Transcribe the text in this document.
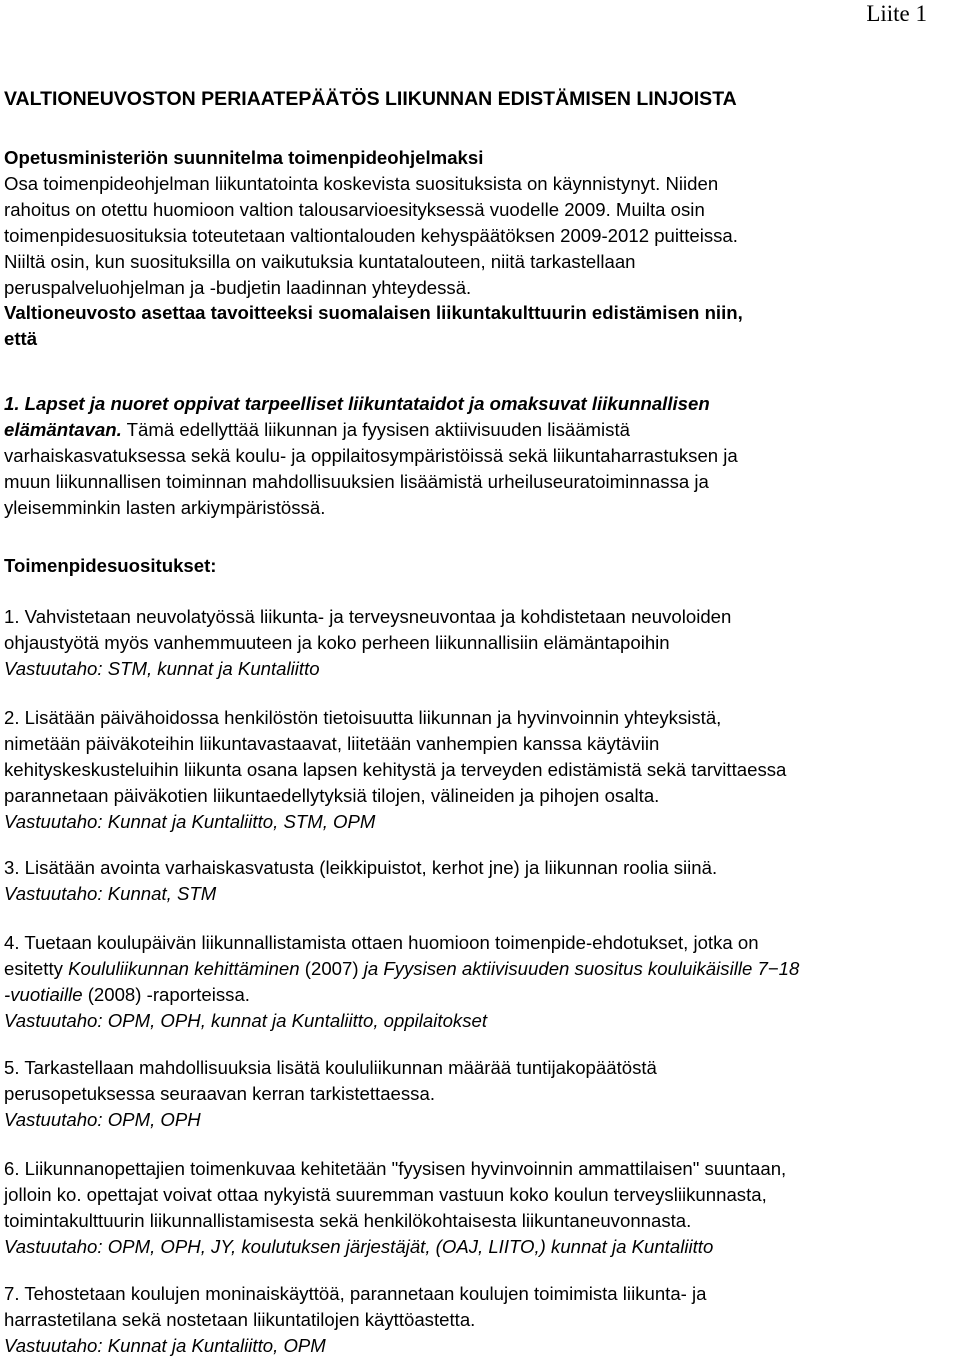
Liite 1
VALTIONEUVOSTON PERIAATEPÄÄTÖS LIIKUNNAN EDISTÄMISEN LINJOISTA

Opetusministeriön suunnitelma toimenpideohjelmaksi

Osa toimenpideohjelman liikuntatointa koskevista suosituksista on käynnistynyt. Niiden

rahoitus on otettu huomioon valtion talousarvioesityksessä vuodelle 2009. Muilta osin

toimenpidesuosituksia toteutetaan valtiontalouden kehyspäätöksen 2009-2012 puitteissa.

Niiltä osin, kun suosituksilla on vaikutuksia kuntatalouteen, niitä tarkastellaan

peruspalveluohjelman ja -budjetin laadinnan yhteydessä.

Valtioneuvosto asettaa tavoitteeksi suomalaisen liikuntakulttuurin edistämisen niin,

että

1. Lapset ja nuoret oppivat tarpeelliset liikuntataidot ja omaksuvat liikunnallisen

elämäntavan. Tämä edellyttää liikunnan ja fyysisen aktiivisuuden lisäämistä

varhaiskasvatuksessa sekä koulu- ja oppilaitosympäristöissä sekä liikuntaharrastuksen ja

muun liikunnallisen toiminnan mahdollisuuksien lisäämistä urheiluseuratoiminnassa ja

yleisemminkin lasten arkiympäristössä.

Toimenpidesuositukset:

1. Vahvistetaan neuvolatyössä liikunta- ja terveysneuvontaa ja kohdistetaan neuvoloiden

ohjaustyötä myös vanhemmuuteen ja koko perheen liikunnallisiin elämäntapoihin

Vastuutaho: STM, kunnat ja Kuntaliitto

2. Lisätään päivähoidossa henkilöstön tietoisuutta liikunnan ja hyvinvoinnin yhteyksistä,

nimetään päiväkoteihin liikuntavastaavat, liitetään vanhempien kanssa käytäviin

kehityskeskusteluihin liikunta osana lapsen kehitystä ja terveyden edistämistä sekä tarvittaessa

parannetaan päiväkotien liikuntaedellytyksiä tilojen, välineiden ja pihojen osalta.

Vastuutaho: Kunnat ja Kuntaliitto, STM, OPM

3. Lisätään avointa varhaiskasvatusta (leikkipuistot, kerhot jne) ja liikunnan roolia siinä.

Vastuutaho: Kunnat, STM

4. Tuetaan koulupäivän liikunnallistamista ottaen huomioon toimenpide-ehdotukset, jotka on

esitetty Koululiikunnan kehittäminen (2007) ja Fyysisen aktiivisuuden suositus kouluikäisille 7−18

-vuotiaille (2008) -raporteissa.

Vastuutaho: OPM, OPH, kunnat ja Kuntaliitto, oppilaitokset

5. Tarkastellaan mahdollisuuksia lisätä koululiikunnan määrää tuntijakopäätöstä

perusopetuksessa seuraavan kerran tarkistettaessa.

Vastuutaho: OPM, OPH

6. Liikunnanopettajien toimenkuvaa kehitetään "fyysisen hyvinvoinnin ammattilaisen" suuntaan,

jolloin ko. opettajat voivat ottaa nykyistä suuremman vastuun koko koulun terveysliikunnasta,

toimintakulttuurin liikunnallistamisesta sekä henkilökohtaisesta liikuntaneuvonnasta.

Vastuutaho: OPM, OPH, JY, koulutuksen järjestäjät, (OAJ, LIITO,) kunnat ja Kuntaliitto

7. Tehostetaan koulujen moninaiskäyttöä, parannetaan koulujen toimimista liikunta- ja

harrastetilana sekä nostetaan liikuntatilojen käyttöastetta.

Vastuutaho: Kunnat ja Kuntaliitto, OPM
